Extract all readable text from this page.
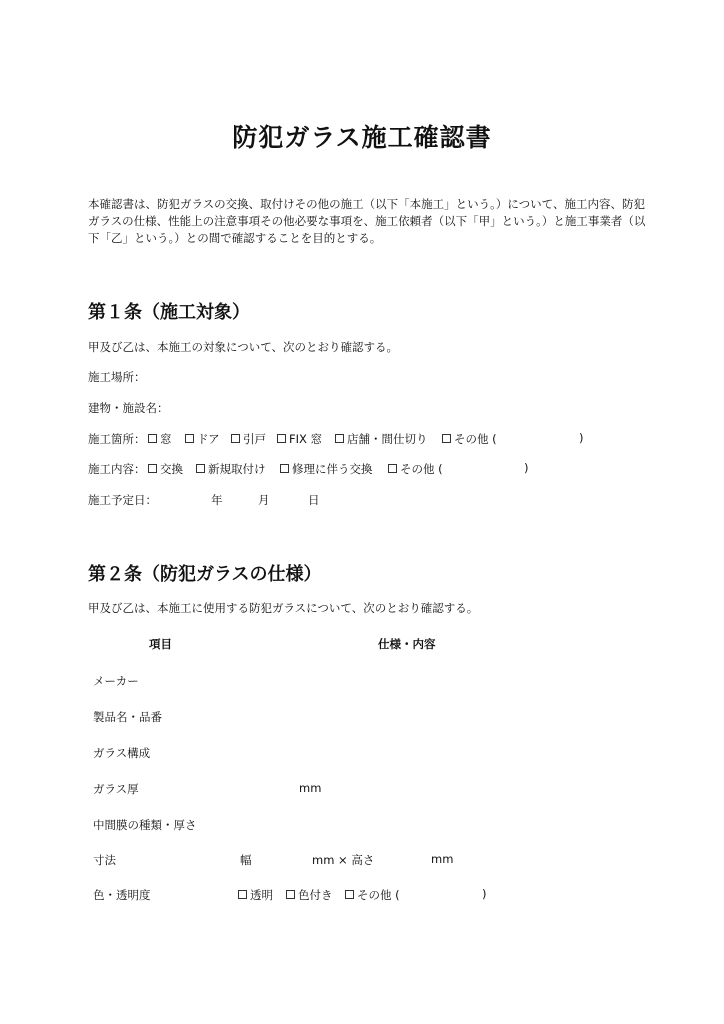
防犯ガラス施工確認書
本確認書は、防犯ガラスの交換、取付けその他の施工（以下「本施工」という。）について、施工内容、防犯ガラスの仕様、性能上の注意事項その他必要な事項を、施工依頼者（以下「甲」という。）と施工事業者（以下「乙」という。）との間で確認することを目的とする。
第１条（施工対象）
甲及び乙は、本施工の対象について、次のとおり確認する。
施工場所：
建物・施設名：
施工箇所：	窓	ドア	引戸	FIX 窓	店舗・間仕切り	その他 (	)
施工内容：	交換	新規取付け	修理に伴う交換	その他 (	)
施工予定日：	年	月	日
第２条（防犯ガラスの仕様）
甲及び乙は、本施工に使用する防犯ガラスについて、次のとおり確認する。
項目	仕様・内容
メーカー
製品名・品番
ガラス構成
ガラス厚	mm
中間膜の種類・厚さ
寸法	幅	mm × 高さ	mm
色・透明度	透明	色付き	その他 (	)
